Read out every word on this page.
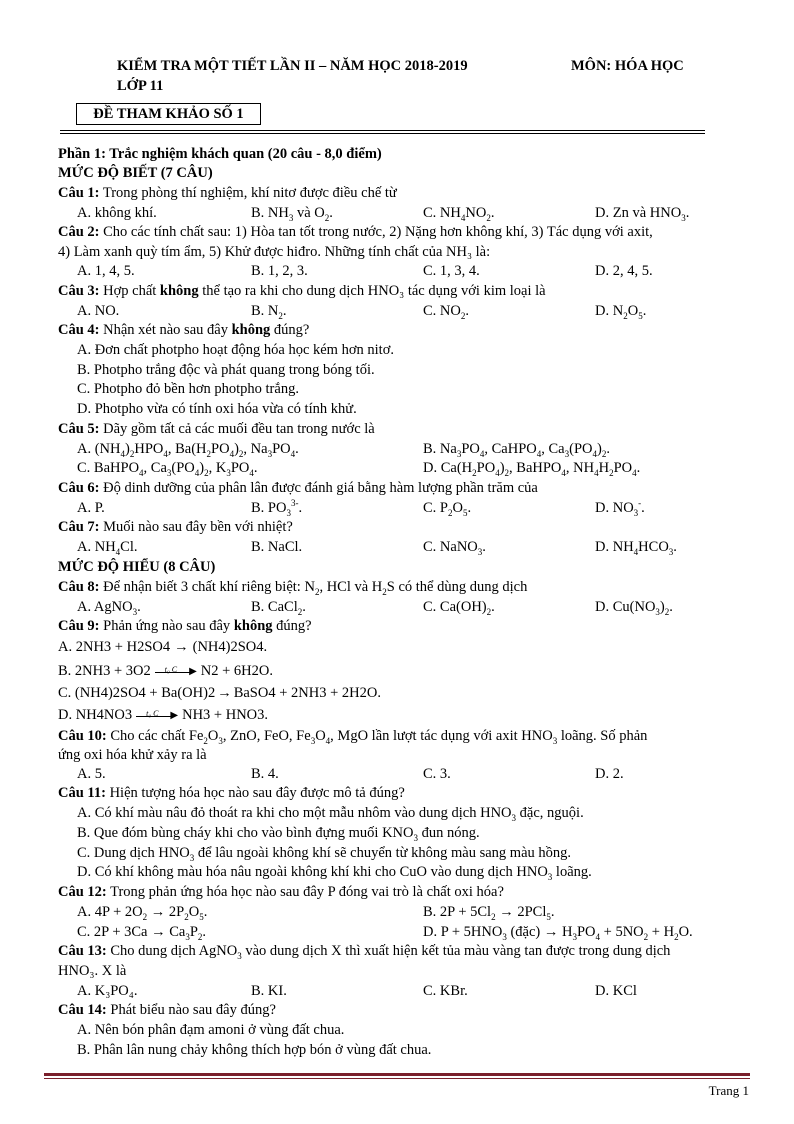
KIỂM TRA MỘT TIẾT LẦN II – NĂM HỌC 2018-2019	MÔN: HÓA HỌC
LỚP 11
ĐỀ THAM KHẢO SỐ 1
Phần 1: Trắc nghiệm khách quan (20 câu - 8,0 điểm)
MỨC ĐỘ BIẾT (7 CÂU)
Câu 1: Trong phòng thí nghiệm, khí nitơ được điều chế từ
A. không khí.	B. $NH_3$ và $O_2$.	C. $NH_4NO_2$.	D. Zn và $HNO_3$.
Câu 2: Cho các tính chất sau: 1) Hòa tan tốt trong nước, 2) Nặng hơn không khí, 3) Tác dụng với axit,
4) Làm xanh quỳ tím ẩm, 5) Khử được hiđro. Những tính chất của NH₃ là:
A. 1, 4, 5.	B. 1, 2, 3.	C. 1, 3, 4.	D. 2, 4, 5.
Câu 3: Hợp chất không thể tạo ra khi cho dung dịch HNO₃ tác dụng với kim loại là
A. NO.	B. $N_2$.	C. $NO_2$.	D. $N_2O_5$.
Câu 4: Nhận xét nào sau đây không đúng?
A. Đơn chất photpho hoạt động hóa học kém hơn nitơ.
B. Photpho trắng độc và phát quang trong bóng tối.
C. Photpho đỏ bền hơn photpho trắng.
D. Photpho vừa có tính oxi hóa vừa có tính khử.
Câu 5: Dãy gồm tất cả các muối đều tan trong nước là
A. $(NH_4)_2HPO_4$, $Ba(H_2PO_4)_2$, $Na_3PO_4$.	B. $Na_3PO_4$, CaHPO$_4$, $Ca_3(PO_4)_2$.
C. BaHPO$_4$, $Ca_3(PO_4)_2$, $K_3PO_4$.	D. $Ca(H_2PO_4)_2$, BaHPO$_4$, $NH_4H_2PO_4$.
Câu 6: Độ dinh dưỡng của phân lân được đánh giá bằng hàm lượng phần trăm của
A. P.	B. $PO_3^{3-}$.	C. $P_2O_5$.	D. $NO_3^-$.
Câu 7: Muối nào sau đây bền với nhiệt?
A. $NH_4Cl$.	B. NaCl.	C. NaNO$_3$.	D. $NH_4HCO_3$.
MỨC ĐỘ HIỂU (8 CÂU)
Câu 8: Để nhận biết 3 chất khí riêng biệt: $N_2$, HCl và $H_2S$ có thể dùng dung dịch
A. AgNO$_3$.	B. CaCl$_2$.	C. $Ca(OH)_2$.	D. $Cu(NO_3)_2$.
Câu 9: Phản ứng nào sau đây không đúng?
A. 2NH3 + H2SO4 → (NH4)2SO4.
B. 2NH3 + 3O2 t₀ C ▶ N2 + 6H2O.
C. (NH4)2SO4 + Ba(OH)2 → BaSO4 + 2NH3 + 2H2O.
D. NH4NO3 t₀ C ▶ NH3 + HNO3.
Câu 10: Cho các chất $Fe_2O_3$, ZnO, FeO, $Fe_3O_4$, MgO lần lượt tác dụng với axit $HNO_3$ loãng. Số phản
ứng oxi hóa khử xảy ra là
A. 5.	B. 4.	C. 3.	D. 2.
Câu 11: Hiện tượng hóa học nào sau đây được mô tả đúng?
A. Có khí màu nâu đỏ thoát ra khi cho một mẫu nhôm vào dung dịch $HNO_3$ đặc, nguội.
B. Que đóm bùng cháy khi cho vào bình đựng muối $KNO_3$ đun nóng.
C. Dung dịch $HNO_3$ để lâu ngoài không khí sẽ chuyển từ không màu sang màu hồng.
D. Có khí không màu hóa nâu ngoài không khí khi cho CuO vào dung dịch $HNO_3$ loãng.
Câu 12: Trong phản ứng hóa học nào sau đây P đóng vai trò là chất oxi hóa?
A. $4P + 2O_2 \to 2P_2O_5$.	B. $2P + 5Cl_2 \to 2PCl_5$.
C. $2P + 3Ca \to Ca_3P_2$.	D. $P + 5HNO_3$ (đặc) → $H_3PO_4 + 5NO_2 + H_2O$.
Câu 13: Cho dung dịch AgNO$_3$ vào dung dịch X thì xuất hiện kết tủa màu vàng tan được trong dung dịch
HNO₃. X là
A. K₃PO₄.	B. KI.	C. KBr.	D. KCl
Câu 14: Phát biểu nào sau đây đúng?
A. Nên bón phân đạm amoni ở vùng đất chua.
B. Phân lân nung chảy không thích hợp bón ở vùng đất chua.
Trang 1
